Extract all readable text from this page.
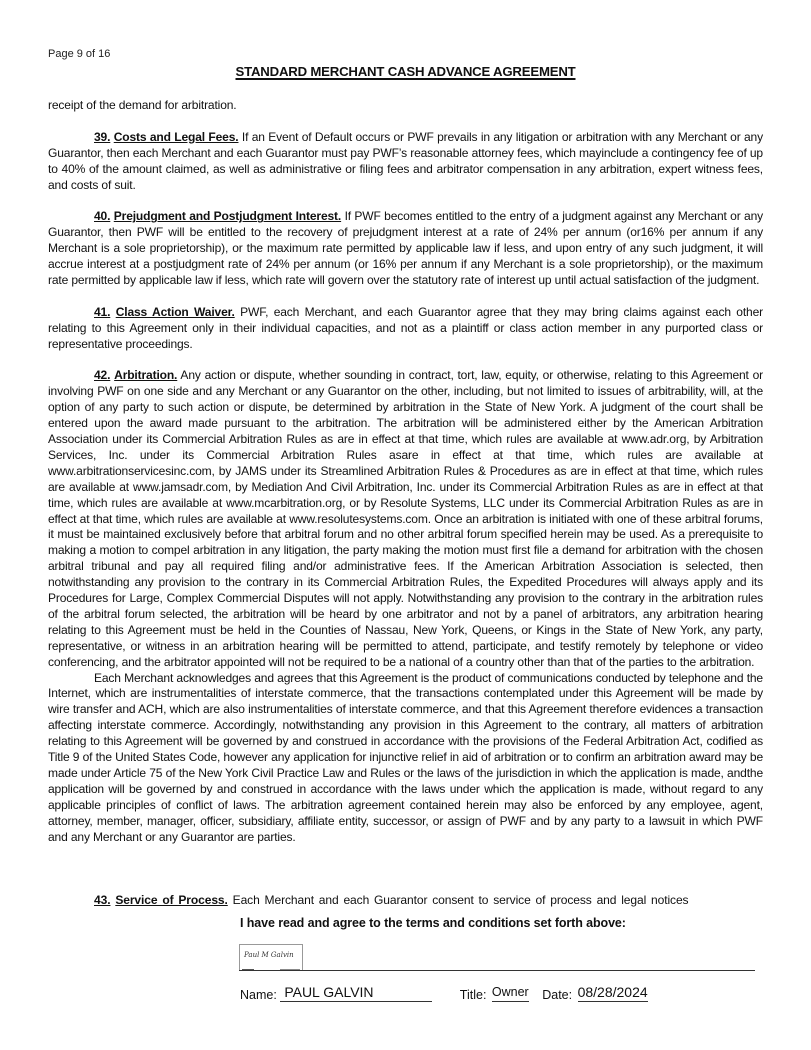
Page 9 of 16
STANDARD MERCHANT CASH ADVANCE AGREEMENT

receipt of the demand for arbitration.

39. Costs and Legal Fees. If an Event of Default occurs or PWF prevails in any litigation or arbitration with any Merchant or any Guarantor, then each Merchant and each Guarantor must pay PWF’s reasonable attorney fees, which mayinclude a contingency fee of up to 40% of the amount claimed, as well as administrative or filing fees and arbitrator compensation in any arbitration, expert witness fees, and costs of suit.

40. Prejudgment and Postjudgment Interest. If PWF becomes entitled to the entry of a judgment against any Merchant or any Guarantor, then PWF will be entitled to the recovery of prejudgment interest at a rate of 24% per annum (or16% per annum if any Merchant is a sole proprietorship), or the maximum rate permitted by applicable law if less, and upon entry of any such judgment, it will accrue interest at a postjudgment rate of 24% per annum (or 16% per annum if any Merchant is a sole proprietorship), or the maximum rate permitted by applicable law if less, which rate will govern over the statutory rate of interest up until actual satisfaction of the judgment.

41. Class Action Waiver. PWF, each Merchant, and each Guarantor agree that they may bring claims against each other relating to this Agreement only in their individual capacities, and not as a plaintiff or class action member in any purported class or representative proceedings.

42. Arbitration. Any action or dispute, whether sounding in contract, tort, law, equity, or otherwise, relating to this Agreement or involving PWF on one side and any Merchant or any Guarantor on the other, including, but not limited to issues of arbitrability, will, at the option of any party to such action or dispute, be determined by arbitration in the State of New York. A judgment of the court shall be entered upon the award made pursuant to the arbitration. The arbitration will be administered either by the American Arbitration Association under its Commercial Arbitration Rules as are in effect at that time, which rules are available at www.adr.org, by Arbitration Services, Inc. under its Commercial Arbitration Rules asare in effect at that time, which rules are available at www.arbitrationservicesinc.com, by JAMS under its Streamlined Arbitration Rules & Procedures as are in effect at that time, which rules are available at www.jamsadr.com, by Mediation And Civil Arbitration, Inc. under its Commercial Arbitration Rules as are in effect at that time, which rules are available at www.mcarbitration.org, or by Resolute Systems, LLC under its Commercial Arbitration Rules as are in effect at that time, which rules are available at www.resolutesystems.com. Once an arbitration is initiated with one of these arbitral forums, it must be maintained exclusively before that arbitral forum and no other arbitral forum specified herein may be used. As a prerequisite to making a motion to compel arbitration in any litigation, the party making the motion must first file a demand for arbitration with the chosen arbitral tribunal and pay all required filing and/or administrative fees. If the American Arbitration Association is selected, then notwithstanding any provision to the contrary in its Commercial Arbitration Rules, the Expedited Procedures will always apply and its Procedures for Large, Complex Commercial Disputes will not apply. Notwithstanding any provision to the contrary in the arbitration rules of the arbitral forum selected, the arbitration will be heard by one arbitrator and not by a panel of arbitrators, any arbitration hearing relating to this Agreement must be held in the Counties of Nassau, New York, Queens, or Kings in the State of New York, any party, representative, or witness in an arbitration hearing will be permitted to attend, participate, and testify remotely by telephone or video conferencing, and the arbitrator appointed will not be required to be a national of a country other than that of the parties to the arbitration.

Each Merchant acknowledges and agrees that this Agreement is the product of communications conducted by telephone and the Internet, which are instrumentalities of interstate commerce, that the transactions contemplated under this Agreement will be made by wire transfer and ACH, which are also instrumentalities of interstate commerce, and that this Agreement therefore evidences a transaction affecting interstate commerce. Accordingly, notwithstanding any provision in this Agreement to the contrary, all matters of arbitration relating to this Agreement will be governed by and construed in accordance with the provisions of the Federal Arbitration Act, codified as Title 9 of the United States Code, however any application for injunctive relief in aid of arbitration or to confirm an arbitration award may be made under Article 75 of the New York Civil Practice Law and Rules or the laws of the jurisdiction in which the application is made, andthe application will be governed by and construed in accordance with the laws under which the application is made, without regard to any applicable principles of conflict of laws. The arbitration agreement contained herein may also be enforced by any employee, agent, attorney, member, manager, officer, subsidiary, affiliate entity, successor, or assign of PWF and by any party to a lawsuit in which PWF and any Merchant or any Guarantor are parties.

43. Service of Process. Each Merchant and each Guarantor consent to service of process and legal notices
I have read and agree to the terms and conditions set forth above:
Paul M Galvin
Name: PAUL GALVIN	Title: Owner Date: 08/28/2024
